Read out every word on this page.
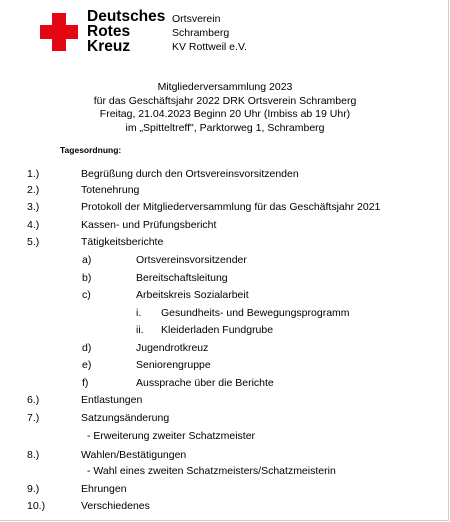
Deutsches
Rotes
Kreuz
Ortsverein
Schramberg
KV Rottweil e.V.
Mitgliederversammlung 2023
für das Geschäftsjahr 2022 DRK Ortsverein Schramberg
Freitag, 21.04.2023 Beginn 20 Uhr (Imbiss ab 19 Uhr)
im „Spitteltreff", Parktorweg 1, Schramberg
Tagesordnung:
1.)	Begrüßung durch den Ortsvereinsvorsitzenden
2.)	Totenehrung
3.)	Protokoll der Mitgliederversammlung für das Geschäftsjahr 2021
4.)	Kassen- und Prüfungsbericht
5.)	Tätigkeitsberichte
a)	Ortsvereinsvorsitzender
b)	Bereitschaftsleitung
c)	Arbeitskreis Sozialarbeit
i. Gesundheits- und Bewegungsprogramm
ii. Kleiderladen Fundgrube
d)	Jugendrotkreuz
e)	Seniorengruppe
f)	Aussprache über die Berichte
6.)	Entlastungen
7.)	Satzungsänderung
- Erweiterung zweiter Schatzmeister
8.)	Wahlen/Bestätigungen
- Wahl eines zweiten Schatzmeisters/Schatzmeisterin
9.)	Ehrungen
10.)	Verschiedenes
